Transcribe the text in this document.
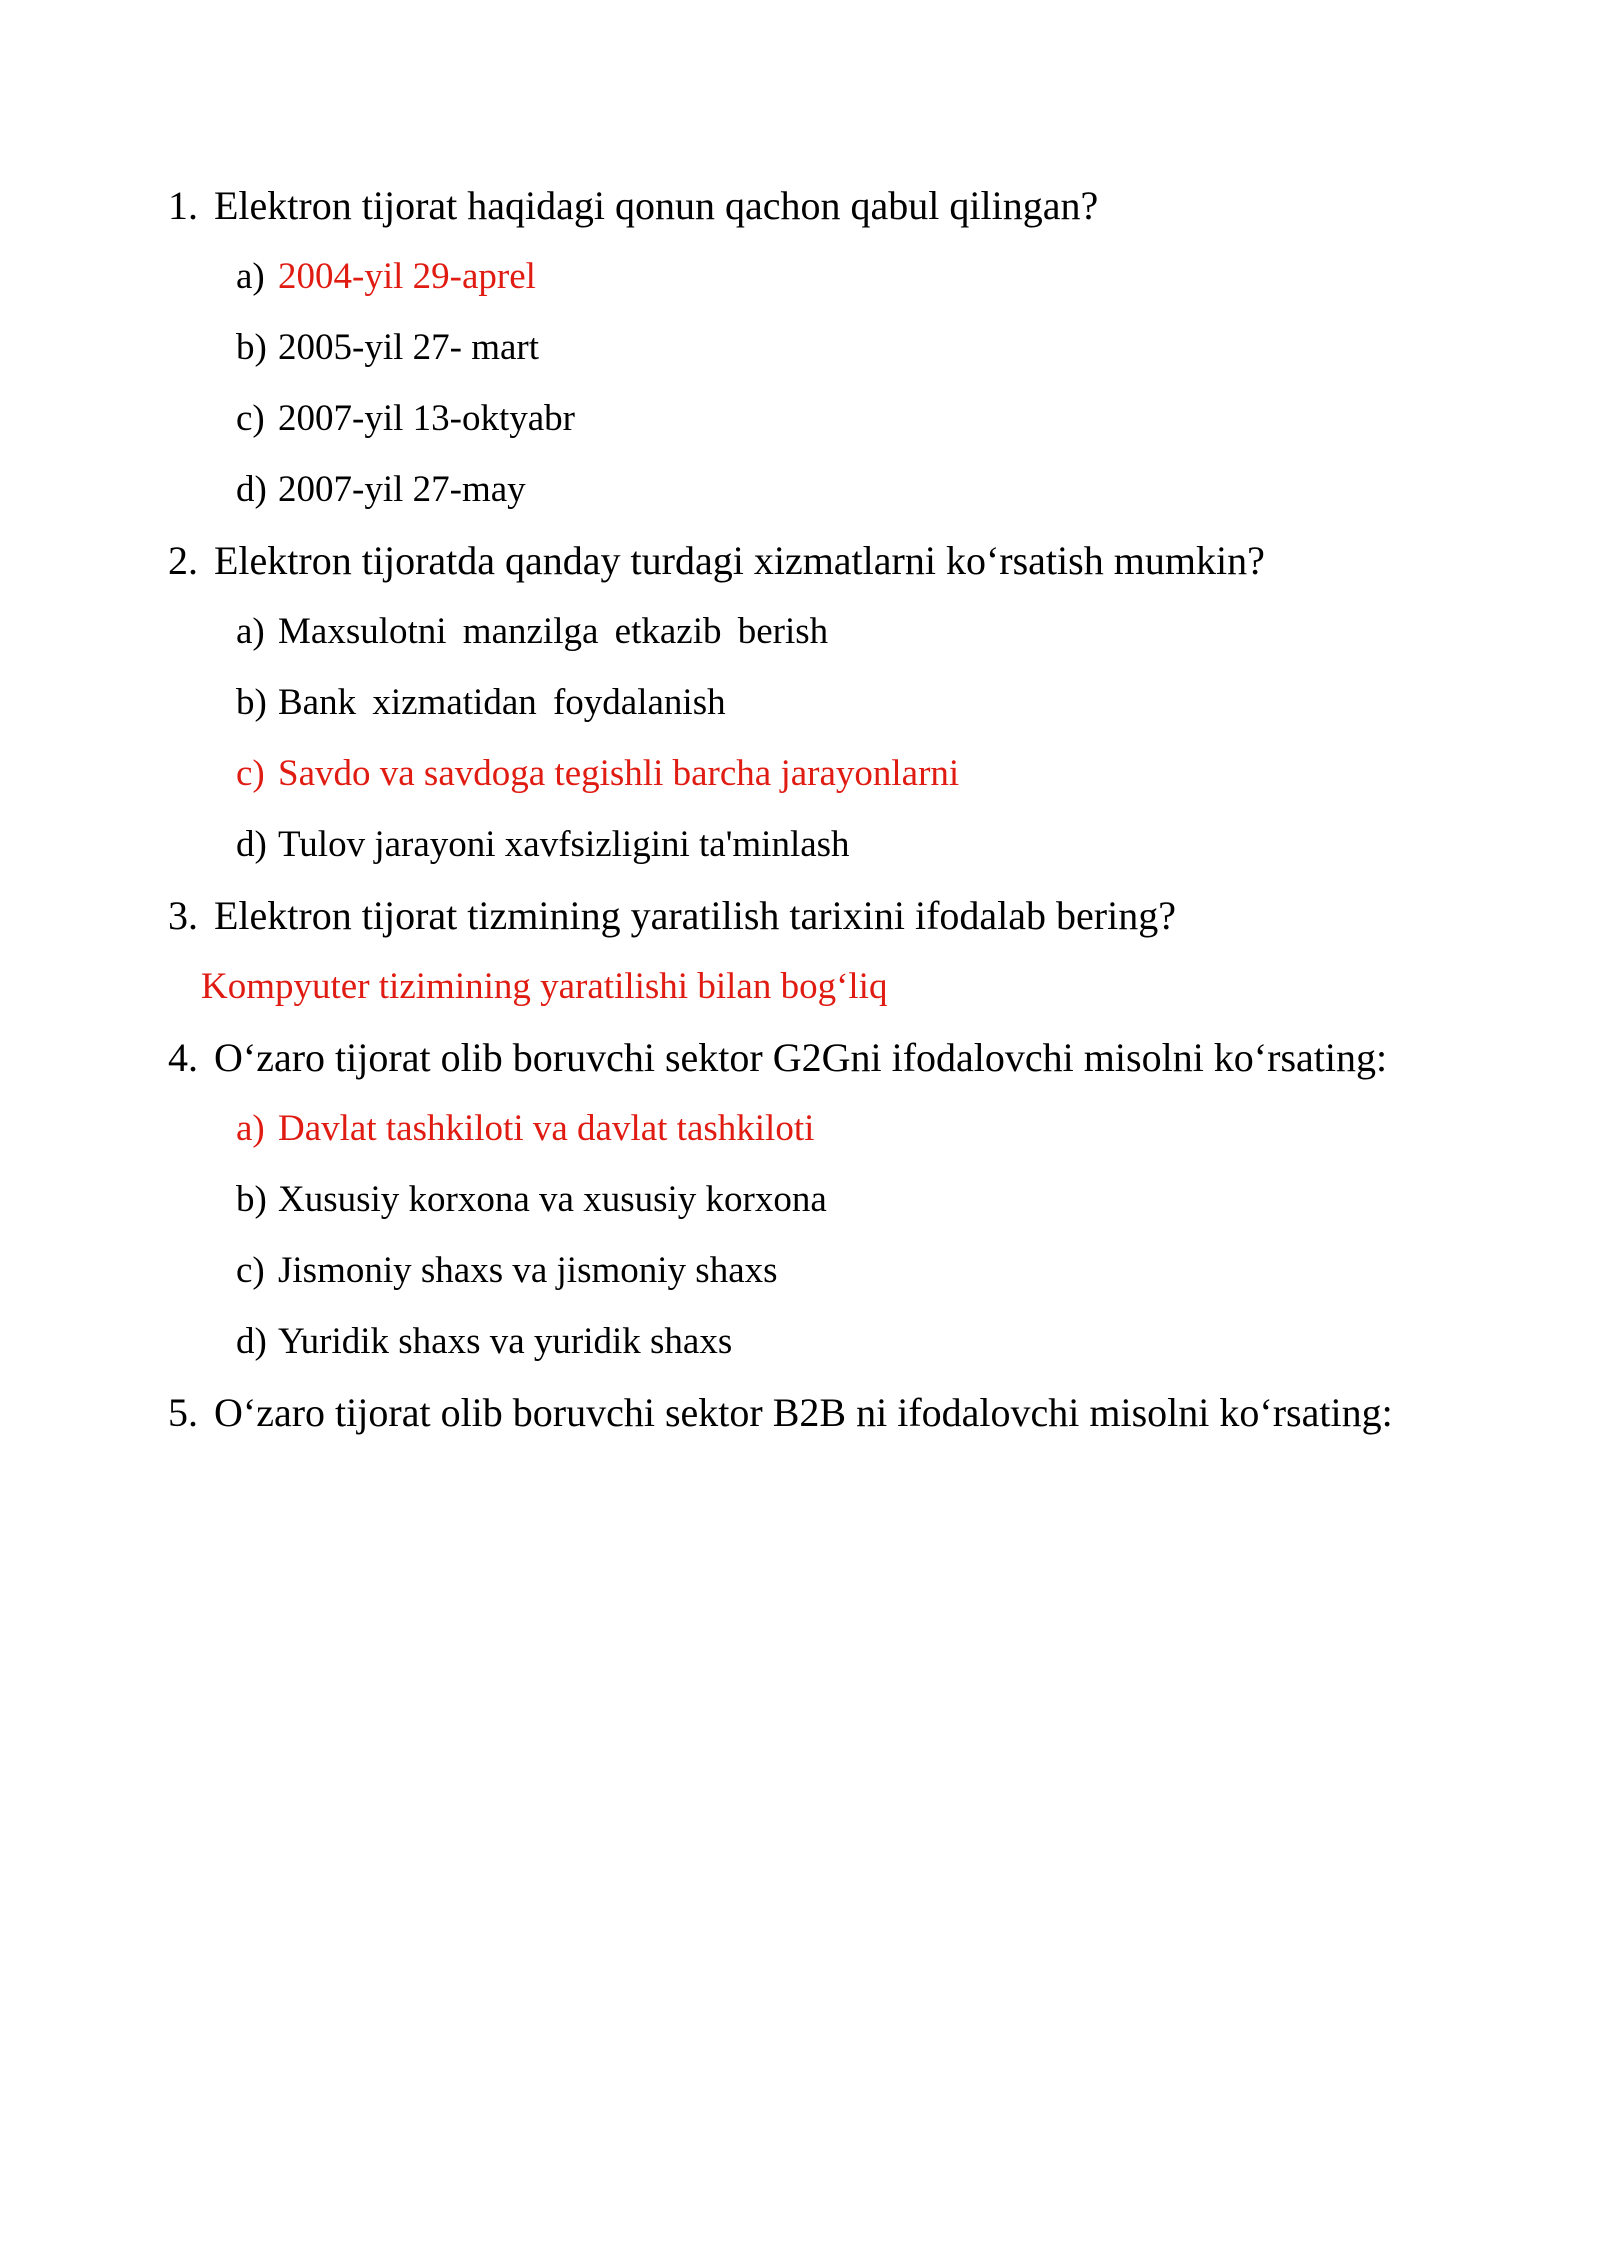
1. Elektron tijorat haqidagi qonun qachon qabul qilingan?
a) 2004-yil 29-aprel
b) 2005-yil 27- mart
c) 2007-yil 13-oktyabr
d) 2007-yil 27-may
2. Elektron tijoratda qanday turdagi xizmatlarni ko‘rsatish mumkin?
a) Maxsulotni manzilga etkazib berish
b) Bank xizmatidan foydalanish
c) Savdo va savdoga tegishli barcha jarayonlarni
d) Tulov jarayoni xavfsizligini ta'minlash
3. Elektron tijorat tizmining yaratilish tarixini ifodalab bering?
Kompyuter tizimining yaratilishi bilan bog‘liq
4. O‘zaro tijorat olib boruvchi sektor G2Gni ifodalovchi misolni ko‘rsating:
a) Davlat tashkiloti va davlat tashkiloti
b) Xususiy korxona va xususiy korxona
c) Jismoniy shaxs va jismoniy shaxs
d) Yuridik shaxs va yuridik shaxs
5. O‘zaro tijorat olib boruvchi sektor B2B ni ifodalovchi misolni ko‘rsating:
